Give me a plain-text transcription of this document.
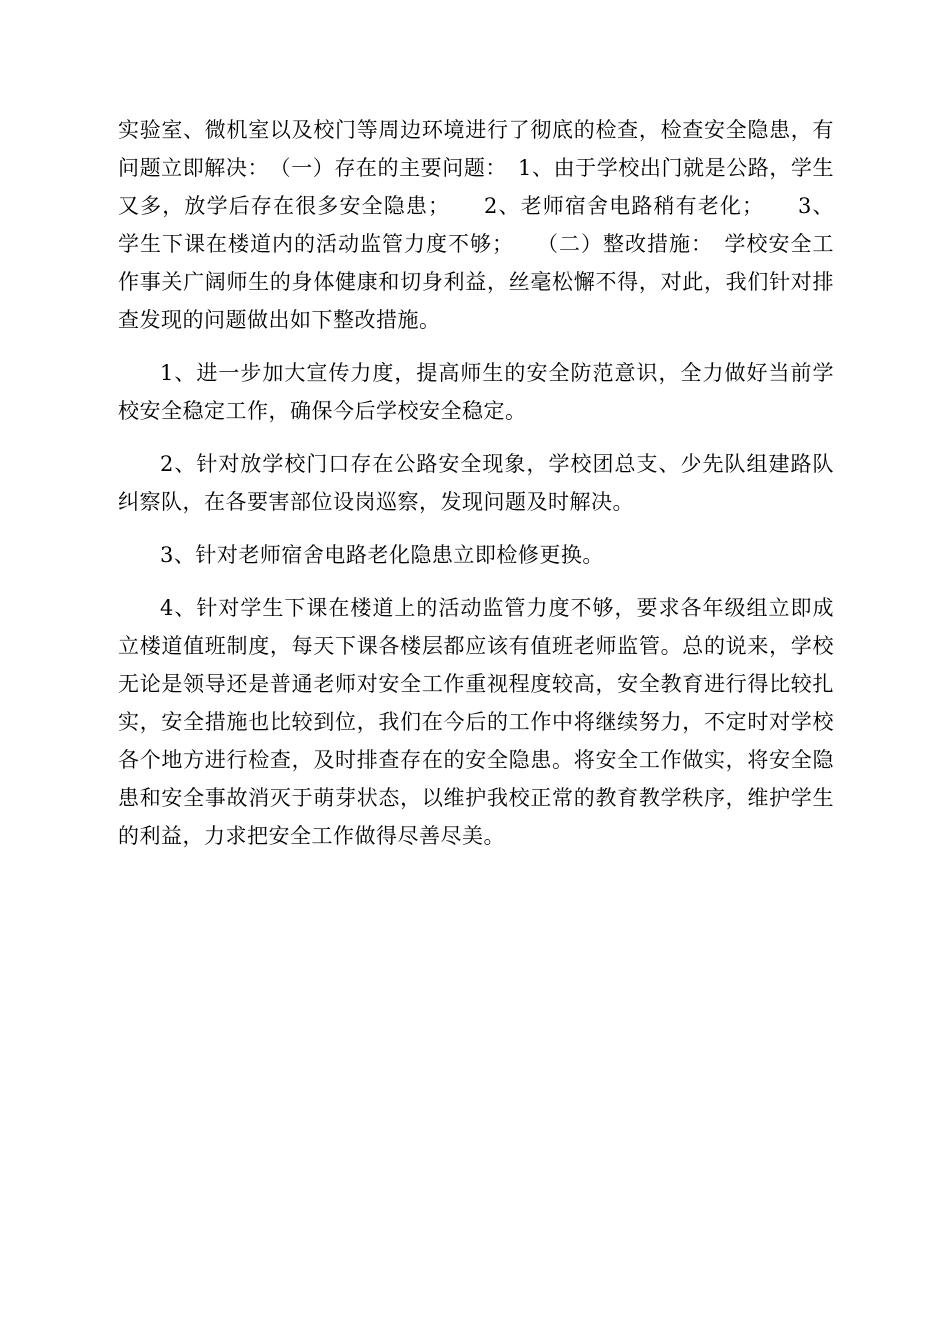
实验室、微机室以及校门等周边环境进行了彻底的检查，检查安全隐患，有问题立即解决：　（一）存在的主要问题：　1、由于学校出门就是公路，学生又多，放学后存在很多安全隐患；　　2、老师宿舍电路稍有老化；　　3、学生下课在楼道内的活动监管力度不够；　　（二）整改措施：　学校安全工作事关广阔师生的身体健康和切身利益，丝毫松懈不得，对此，我们针对排查发现的问题做出如下整改措施。

1、进一步加大宣传力度，提高师生的安全防范意识，全力做好当前学校安全稳定工作，确保今后学校安全稳定。

2、针对放学校门口存在公路安全现象，学校团总支、少先队组建路队纠察队，在各要害部位设岗巡察，发现问题及时解决。

3、针对老师宿舍电路老化隐患立即检修更换。

4、针对学生下课在楼道上的活动监管力度不够，要求各年级组立即成立楼道值班制度，每天下课各楼层都应该有值班老师监管。总的说来，学校无论是领导还是普通老师对安全工作重视程度较高，安全教育进行得比较扎实，安全措施也比较到位，我们在今后的工作中将继续努力，不定时对学校各个地方进行检查，及时排查存在的安全隐患。将安全工作做实，将安全隐患和安全事故消灭于萌芽状态，以维护我校正常的教育教学秩序，维护学生的利益，力求把安全工作做得尽善尽美。
